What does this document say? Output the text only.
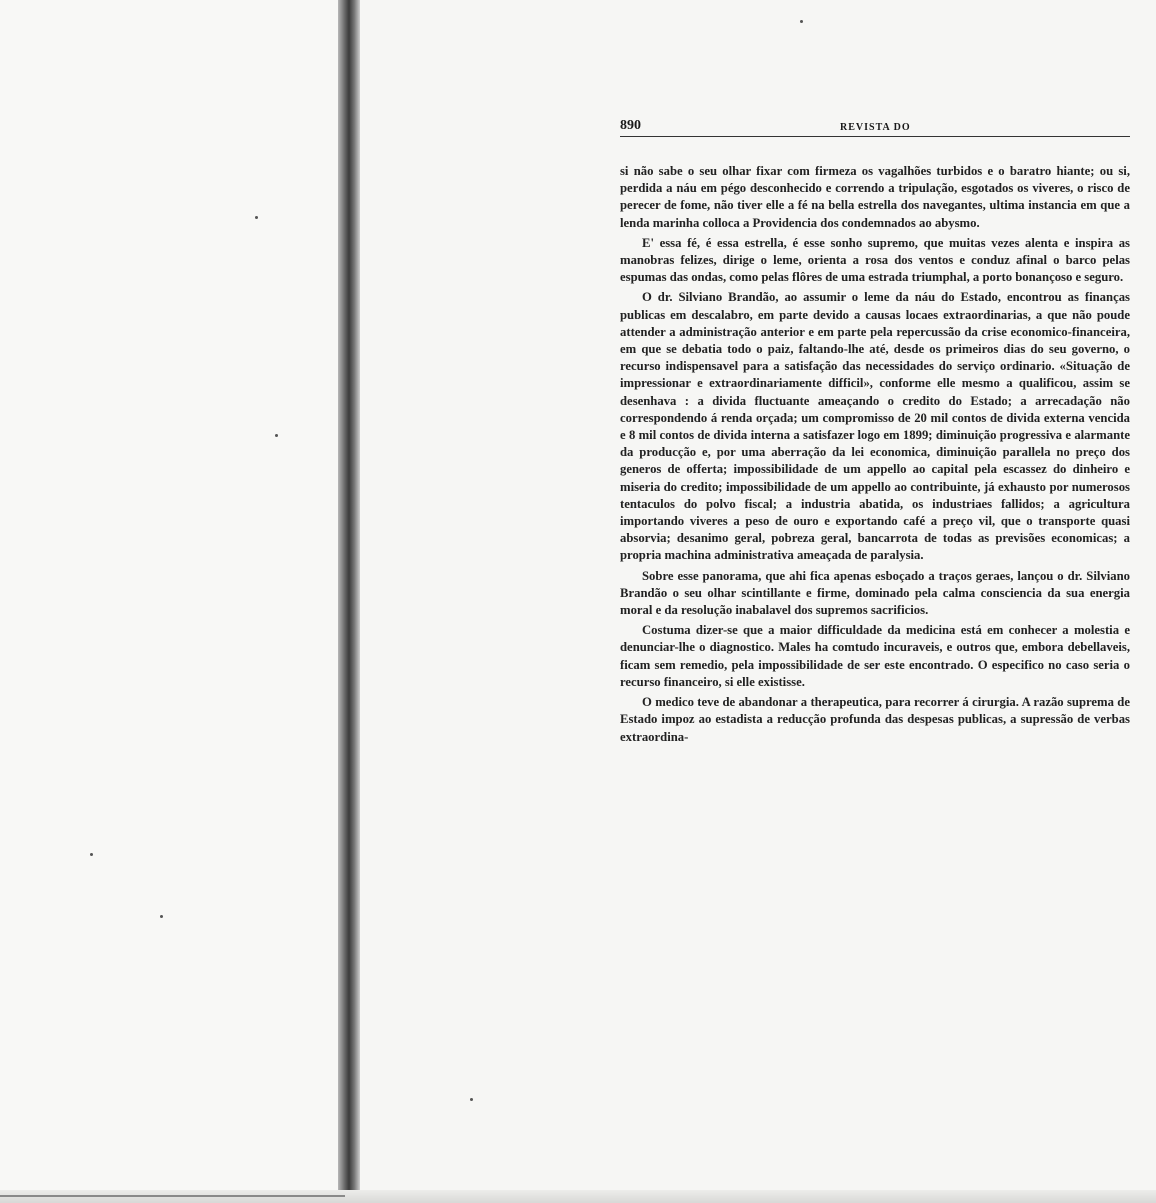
890	REVISTA DO

si não sabe o seu olhar fixar com firmeza os vagalhões turbidos e o baratro hiante; ou si, perdida a náu em pégo desconhecido e correndo a tripulação, esgotados os viveres, o risco de perecer de fome, não tiver elle a fé na bella estrella dos navegantes, ultima instancia em que a lenda marinha colloca a Providencia dos condemnados ao abysmo.

E' essa fé, é essa estrella, é esse sonho supremo, que muitas vezes alenta e inspira as manobras felizes, dirige o leme, orienta a rosa dos ventos e conduz afinal o barco pelas espumas das ondas, como pelas flôres de uma estrada triumphal, a porto bonançoso e seguro.

O dr. Silviano Brandão, ao assumir o leme da náu do Estado, encontrou as finanças publicas em descalabro, em parte devido a causas locaes extraordinarias, a que não poude attender a administração anterior e em parte pela repercussão da crise economico-financeira, em que se debatia todo o paiz, faltando-lhe até, desde os primeiros dias do seu governo, o recurso indispensavel para a satisfação das necessidades do serviço ordinario. «Situação de impressionar e extraordinariamente difficil», conforme elle mesmo a qualificou, assim se desenhava : a divida fluctuante ameaçando o credito do Estado; a arrecadação não correspondendo á renda orçada; um compromisso de 20 mil contos de divida externa vencida e 8 mil contos de divida interna a satisfazer logo em 1899; diminuição progressiva e alarmante da producção e, por uma aberração da lei economica, diminuição parallela no preço dos generos de offerta; impossibilidade de um appello ao capital pela escassez do dinheiro e miseria do credito; impossibilidade de um appello ao contribuinte, já exhausto por numerosos tentaculos do polvo fiscal; a industria abatida, os industriaes fallidos; a agricultura importando viveres a peso de ouro e exportando café a preço vil, que o transporte quasi absorvia; desanimo geral, pobreza geral, bancarrota de todas as previsões economicas; a propria machina administrativa ameaçada de paralysia.

Sobre esse panorama, que ahi fica apenas esboçado a traços geraes, lançou o dr. Silviano Brandão o seu olhar scintillante e firme, dominado pela calma consciencia da sua energia moral e da resolução inabalavel dos supremos sacrificios.

Costuma dizer-se que a maior difficuldade da medicina está em conhecer a molestia e denunciar-lhe o diagnostico. Males ha comtudo incuraveis, e outros que, embora debellaveis, ficam sem remedio, pela impossibilidade de ser este encontrado. O especifico no caso seria o recurso financeiro, si elle existisse.

O medico teve de abandonar a therapeutica, para recorrer á cirurgia. A razão suprema de Estado impoz ao estadista a reducção profunda das despesas publicas, a supressão de verbas extraordina-
